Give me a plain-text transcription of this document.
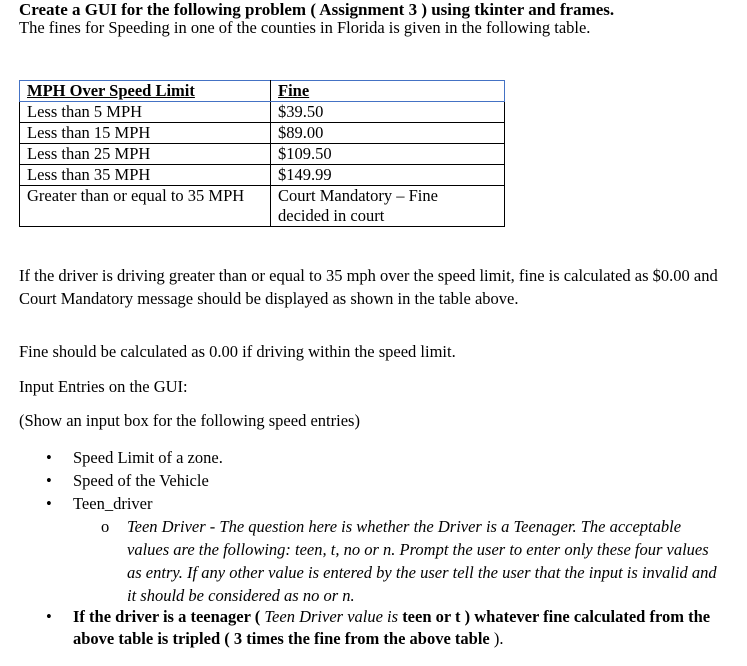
Create a GUI for the following problem ( Assignment 3 ) using tkinter and frames.
The fines for Speeding in one of the counties in Florida is given in the following table.
MPH Over Speed Limit	Fine
Less than 5 MPH	$39.50
Less than 15 MPH	$89.00
Less than 25 MPH	$109.50
Less than 35 MPH	$149.99
Greater than or equal to 35 MPH	Court Mandatory – Fine decided in court
If the driver is driving greater than or equal to 35 mph over the speed limit, fine is calculated as $0.00 and Court Mandatory message should be displayed as shown in the table above.
Fine should be calculated as 0.00 if driving within the speed limit.
Input Entries on the GUI:
(Show an input box for the following speed entries)
• Speed Limit of a zone.
• Speed of the Vehicle
• Teen_driver
o	Teen Driver - The question here is whether the Driver is a Teenager. The acceptable values are the following: teen, t, no or n. Prompt the user to enter only these four values as entry. If any other value is entered by the user tell the user that the input is invalid and it should be considered as no or n.
•	If the driver is a teenager ( Teen Driver value is teen or t ) whatever fine calculated from the above table is tripled ( 3 times the fine from the above table ).
